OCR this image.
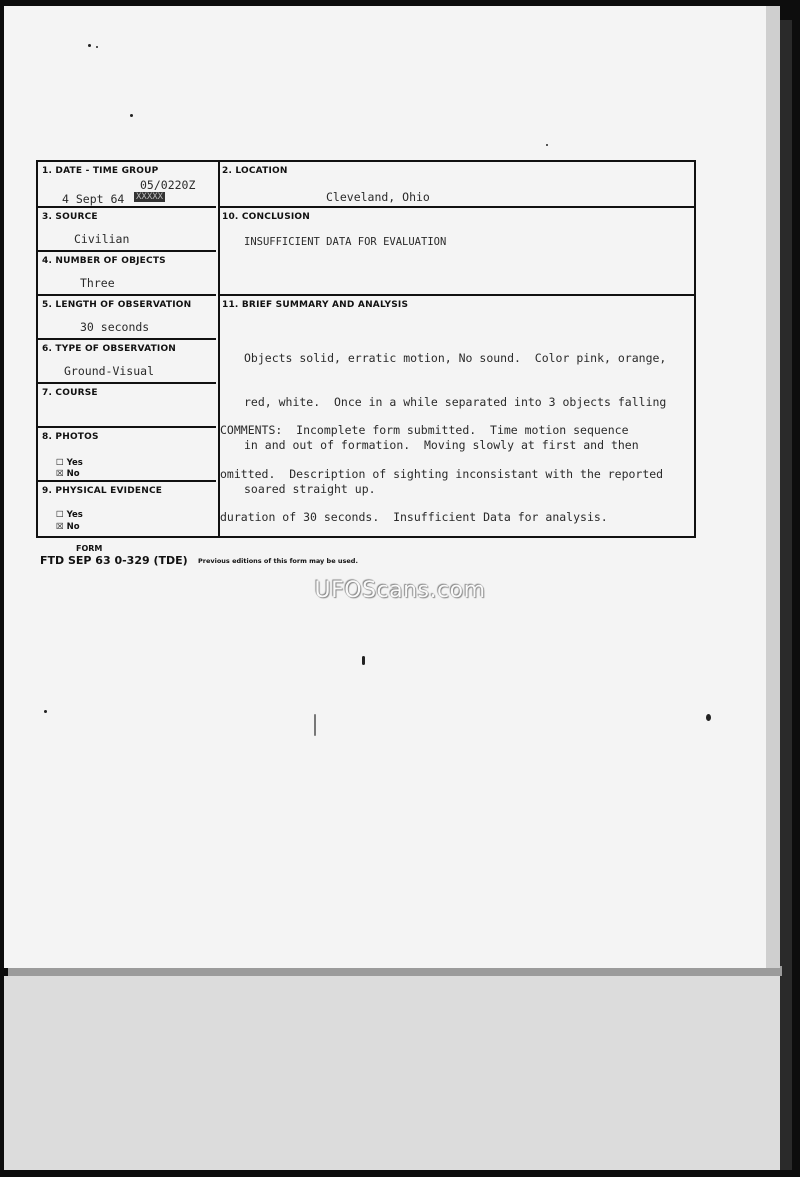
1. DATE - TIME GROUP
05/0220Z
4 Sept 64 XXXXX
3. SOURCE
Civilian
4. NUMBER OF OBJECTS
Three
5. LENGTH OF OBSERVATION
30 seconds
6. TYPE OF OBSERVATION
Ground-Visual
7. COURSE
8. PHOTOS
☐ Yes
☒ No
9. PHYSICAL EVIDENCE
☐ Yes
☒ No
2. LOCATION
Cleveland, Ohio
10. CONCLUSION
INSUFFICIENT DATA FOR EVALUATION
11. BRIEF SUMMARY AND ANALYSIS

Objects solid, erratic motion, No sound.  Color pink, orange,

red, white.  Once in a while separated into 3 objects falling

in and out of formation.  Moving slowly at first and then

soared straight up.

COMMENTS:  Incomplete form submitted.  Time motion sequence

omitted.  Description of sighting inconsistant with the reported

duration of 30 seconds.  Insufficient Data for analysis.

FORM
FTD SEP 63 0-329 (TDE) Previous editions of this form may be used.
UFOScans.com
